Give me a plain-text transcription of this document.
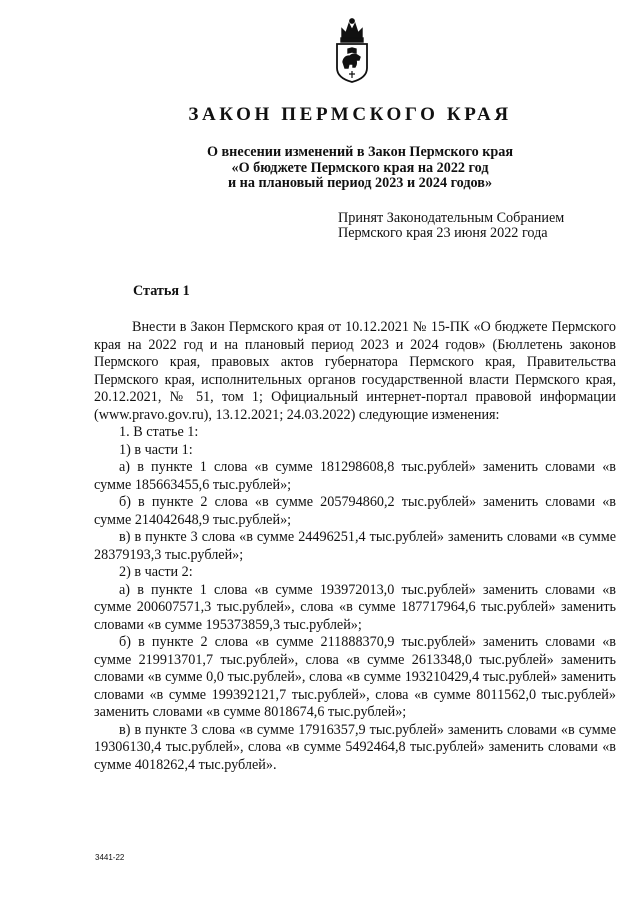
ЗАКОН ПЕРМСКОГО КРАЯ
О внесении изменений в Закон Пермского края
«О бюджете Пермского края на 2022 год
и на плановый период 2023 и 2024 годов»
Принят Законодательным Собранием
Пермского края 23 июня 2022 года
Статья 1

Внести в Закон Пермского края от 10.12.2021 № 15-ПК «О бюджете Пермского края на 2022 год и на плановый период 2023 и 2024 годов» (Бюллетень законов Пермского края, правовых актов губернатора Пермского края, Правительства Пермского края, исполнительных органов государственной власти Пермского края, 20.12.2021, № 51, том 1; Официальный интернет-портал правовой информации (www.pravo.gov.ru), 13.12.2021; 24.03.2022) следующие изменения:

1. В статье 1:

1) в части 1:

а) в пункте 1 слова «в сумме 181298608,8 тыс.рублей» заменить словами «в сумме 185663455,6 тыс.рублей»;

б) в пункте 2 слова «в сумме 205794860,2 тыс.рублей» заменить словами «в сумме 214042648,9 тыс.рублей»;

в) в пункте 3 слова «в сумме 24496251,4 тыс.рублей» заменить словами «в сумме 28379193,3 тыс.рублей»;

2) в части 2:

а) в пункте 1 слова «в сумме 193972013,0 тыс.рублей» заменить словами «в сумме 200607571,3 тыс.рублей», слова «в сумме 187717964,6 тыс.рублей» заменить словами «в сумме 195373859,3 тыс.рублей»;

б) в пункте 2 слова «в сумме 211888370,9 тыс.рублей» заменить словами «в сумме 219913701,7 тыс.рублей», слова «в сумме 2613348,0 тыс.рублей» заменить словами «в сумме 0,0 тыс.рублей», слова «в сумме 193210429,4 тыс.рублей» заменить словами «в сумме 199392121,7 тыс.рублей», слова «в сумме 8011562,0 тыс.рублей» заменить словами «в сумме 8018674,6 тыс.рублей»;

в) в пункте 3 слова «в сумме 17916357,9 тыс.рублей» заменить словами «в сумме 19306130,4 тыс.рублей», слова «в сумме 5492464,8 тыс.рублей» заменить словами «в сумме 4018262,4 тыс.рублей».

3441-22
